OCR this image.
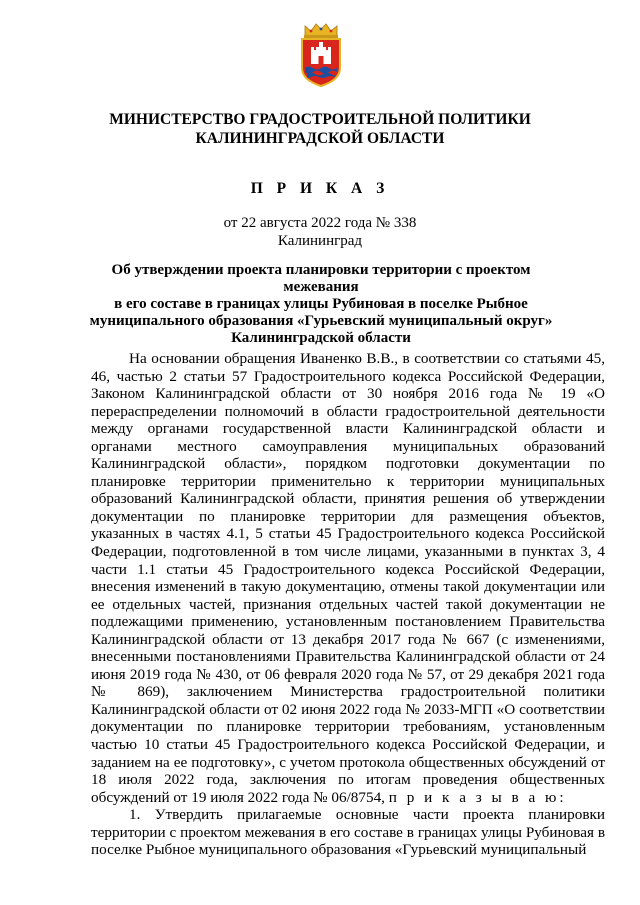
МИНИСТЕРСТВО ГРАДОСТРОИТЕЛЬНОЙ ПОЛИТИКИ
КАЛИНИНГРАДСКОЙ ОБЛАСТИ
П Р И К А З
от 22 августа 2022 года № 338
Калининград
Об утверждении проекта планировки территории с проектом межевания
в его составе в границах улицы Рубиновая в поселке Рыбное
муниципального образования «Гурьевский муниципальный округ»
Калининградской области

На основании обращения Иваненко В.В., в соответствии со статьями 45, 46, частью 2 статьи 57 Градостроительного кодекса Российской Федерации, Законом Калининградской области от 30 ноября 2016 года № 19 «О перераспределении полномочий в области градостроительной деятельности между органами государственной власти Калининградской области и органами местного самоуправления муниципальных образований Калининградской области», порядком подготовки документации по планировке территории применительно к территории муниципальных образований Калининградской области, принятия решения об утверждении документации по планировке территории для размещения объектов, указанных в частях 4.1, 5 статьи 45 Градостроительного кодекса Российской Федерации, подготовленной в том числе лицами, указанными в пунктах 3, 4 части 1.1 статьи 45 Градостроительного кодекса Российской Федерации, внесения изменений в такую документацию, отмены такой документации или ее отдельных частей, признания отдельных частей такой документации не подлежащими применению, установленным постановлением Правительства Калининградской области от 13 декабря 2017 года № 667 (с изменениями, внесенными постановлениями Правительства Калининградской области от 24 июня 2019 года № 430, от 06 февраля 2020 года № 57, от 29 декабря 2021 года № 869), заключением Министерства градостроительной политики Калининградской области от 02 июня 2022 года № 2033-МГП «О соответствии документации по планировке территории требованиям, установленным частью 10 статьи 45 Градостроительного кодекса Российской Федерации, и заданием на ее подготовку», с учетом протокола общественных обсуждений от 18 июля 2022 года, заключения по итогам проведения общественных обсуждений от 19 июля 2022 года № 06/8754, п р и к а з ы в а ю:

1. Утвердить прилагаемые основные части проекта планировки территории с проектом межевания в его составе в границах улицы Рубиновая в поселке Рыбное муниципального образования «Гурьевский муниципальный
